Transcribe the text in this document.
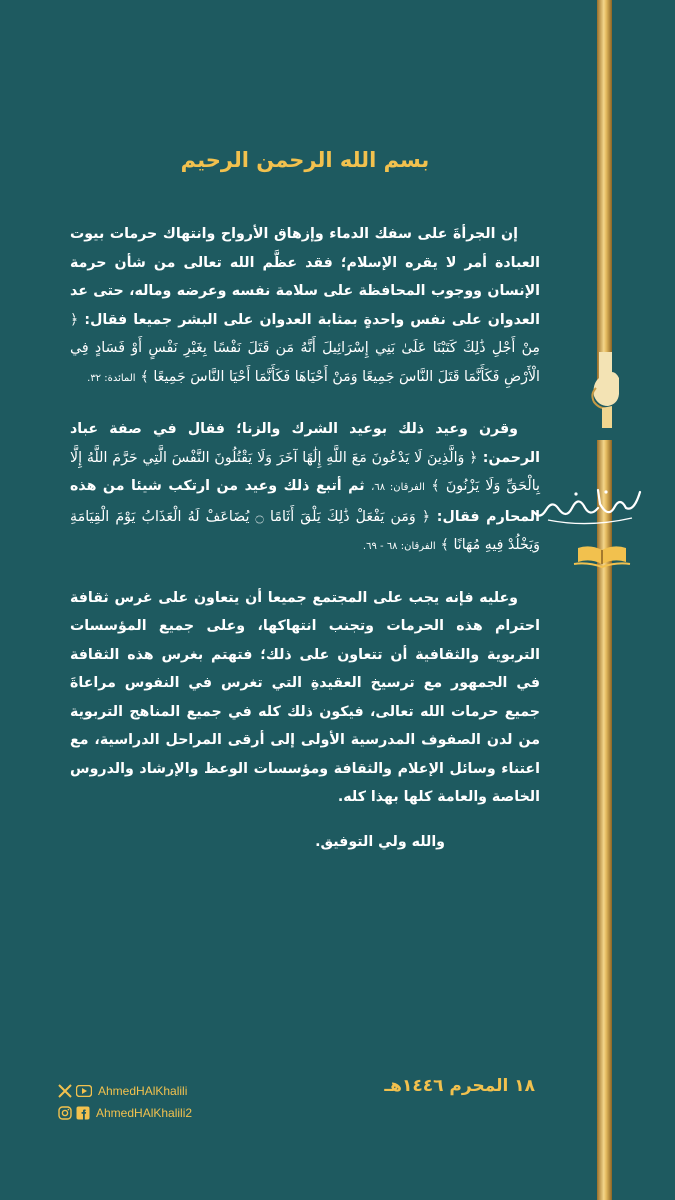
بسم الله الرحمن الرحيم

إن الجرأةَ على سفك الدماء وإزهاق الأرواح وانتهاك حرمات بيوت العبادة أمر لا يقره الإسلام؛ فقد عظَّم الله تعالى من شأن حرمة الإنسان ووجوب المحافظة على سلامة نفسه وعرضه وماله، حتى عد العدوان على نفس واحدةٍ بمثابة العدوان على البشر جميعا فقال: ﴿ مِنْ أَجْلِ ذَٰلِكَ كَتَبْنَا عَلَىٰ بَنِي إِسْرَائِيلَ أَنَّهُ مَن قَتَلَ نَفْسًا بِغَيْرِ نَفْسٍ أَوْ فَسَادٍ فِي الْأَرْضِ فَكَأَنَّمَا قَتَلَ النَّاسَ جَمِيعًا وَمَنْ أَحْيَاهَا فَكَأَنَّمَا أَحْيَا النَّاسَ جَمِيعًا ﴾ المائدة: ٣٢.

وقرن وعيد ذلك بوعيد الشرك والزنا؛ فقال في صفة عباد الرحمن: ﴿ وَالَّذِينَ لَا يَدْعُونَ مَعَ اللَّهِ إِلَٰهًا آخَرَ وَلَا يَقْتُلُونَ النَّفْسَ الَّتِي حَرَّمَ اللَّهُ إِلَّا بِالْحَقِّ وَلَا يَزْنُونَ ﴾ الفرقان: ٦٨، ثم أتبع ذلك وعيد من ارتكب شيئا من هذه المحارم فقال: ﴿ وَمَن يَفْعَلْ ذَٰلِكَ يَلْقَ أَثَامًا ۝ يُضَاعَفْ لَهُ الْعَذَابُ يَوْمَ الْقِيَامَةِ وَيَخْلُدْ فِيهِ مُهَانًا ﴾ الفرقان: ٦٨ - ٦٩.

وعليه فإنه يجب على المجتمع جميعا أن يتعاون على غرس ثقافة احترام هذه الحرمات وتجنب انتهاكها، وعلى جميع المؤسسات التربوية والثقافية أن تتعاون على ذلك؛ فتهتم بغرس هذه الثقافة في الجمهور مع ترسيخ العقيدةِ التي تغرس في النفوس مراعاةَ جميع حرمات الله تعالى، فيكون ذلك كله في جميع المناهج التربوية من لدن الصفوف المدرسية الأولى إلى أرقى المراحل الدراسية، مع اعتناء وسائل الإعلام والثقافة ومؤسسات الوعظ والإرشاد والدروس الخاصة والعامة كلها بهذا كله.

والله ولي التوفيق.
١٨ المحرم ١٤٤٦هـ
AhmedHAlKhalili
AhmedHAlKhalili2
